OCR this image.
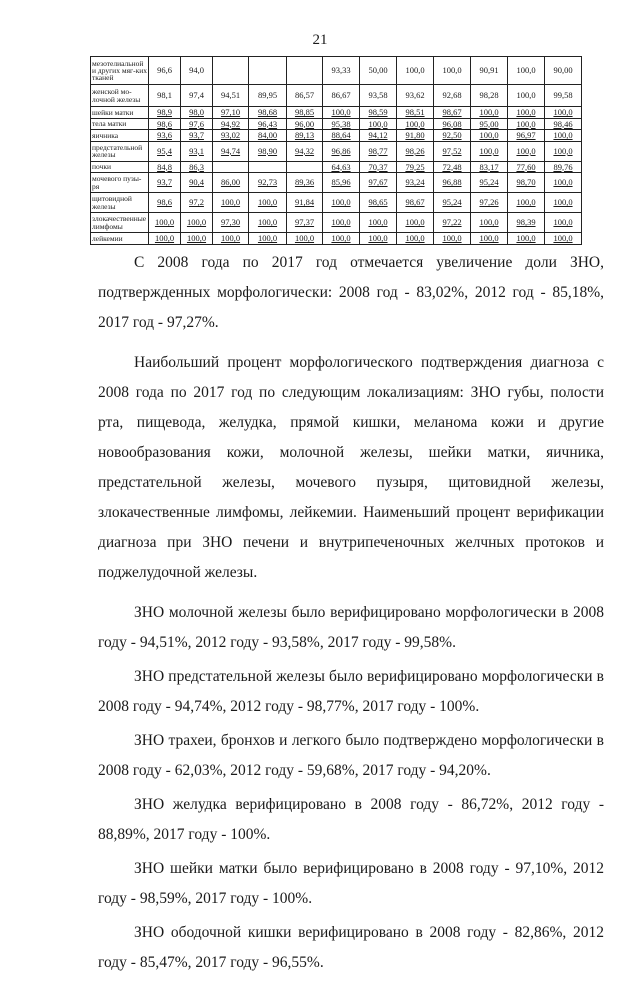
21
мезотелиальной и других мяг-ких тканей	96,6	94,0				93,33	50,00	100,0	100,0	90,91	100,0	90,00
женской мо-лочной железы	98,1	97,4	94,51	89,95	86,57	86,67	93,58	93,62	92,68	98,28	100,0	99,58
шейки матки	98,9	98,0	97,10	98,68	98,85	100,0	98,59	98,51	98,67	100,0	100,0	100,0
тела матки	98,6	97,6	94,92	96,43	96,00	95,38	100,0	100,0	96,08	95,00	100,0	98,46
яичника	93,6	93,7	93,02	84,00	89,13	88,64	94,12	91,80	92,50	100,0	96,97	100,0
предстательной железы	95,4	93,1	94,74	98,90	94,32	96,86	98,77	98,26	97,52	100,0	100,0	100,0
почки	84,8	86,3				64,63	70,37	79,25	72,48	83,17	77,60	89,76
мочевого пузы-ря	93,7	90,4	86,00	92,73	89,36	85,96	97,67	93,24	96,88	95,24	98,70	100,0
щитовидной железы	98,6	97,2	100,0	100,0	91,84	100,0	98,65	98,67	95,24	97,26	100,0	100,0
злокачественные лимфомы	100,0	100,0	97,30	100,0	97,37	100,0	100,0	100,0	97,22	100,0	98,39	100,0
лейкемии	100,0	100,0	100,0	100,0	100,0	100,0	100,0	100,0	100,0	100,0	100,0	100,0

С 2008 года по 2017 год отмечается увеличение доли ЗНО, подтвержденных морфологически: 2008 год - 83,02%, 2012 год - 85,18%, 2017 год - 97,27%.

Наибольший процент морфологического подтверждения диагноза с 2008 года по 2017 год по следующим локализациям: ЗНО губы, полости рта, пищевода, желудка, прямой кишки, меланома кожи и другие новообразования кожи, молочной железы, шейки матки, яичника, предстательной железы, мочевого пузыря, щитовидной железы, злокачественные лимфомы, лейкемии. Наименьший процент верификации диагноза при ЗНО печени и внутрипеченочных желчных протоков и поджелудочной железы.

ЗНО молочной железы было верифицировано морфологически в 2008 году - 94,51%, 2012 году - 93,58%, 2017 году - 99,58%.

ЗНО предстательной железы было верифицировано морфологически в 2008 году - 94,74%, 2012 году - 98,77%, 2017 году - 100%.

ЗНО трахеи, бронхов и легкого было подтверждено морфологически в 2008 году - 62,03%, 2012 году - 59,68%, 2017 году - 94,20%.

ЗНО желудка верифицировано в 2008 году - 86,72%, 2012 году - 88,89%, 2017 году - 100%.

ЗНО шейки матки было верифицировано в 2008 году - 97,10%, 2012 году - 98,59%, 2017 году - 100%.

ЗНО ободочной кишки верифицировано в 2008 году - 82,86%, 2012 году - 85,47%, 2017 году - 96,55%.
